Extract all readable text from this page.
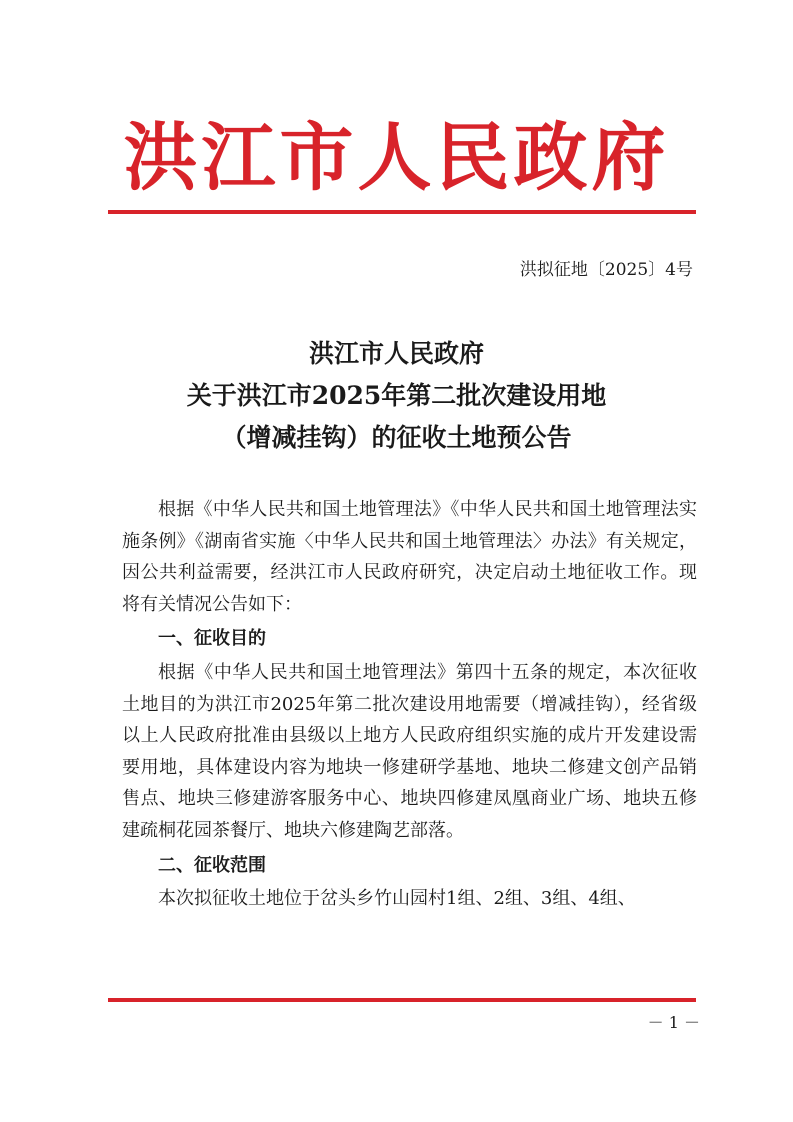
洪江市人民政府
洪拟征地〔2025〕4号
洪江市人民政府
关于洪江市2025年第二批次建设用地
（增减挂钩）的征收土地预公告

根据《中华人民共和国土地管理法》《中华人民共和国土地管理法实施条例》《湖南省实施〈中华人民共和国土地管理法〉办法》有关规定，因公共利益需要，经洪江市人民政府研究，决定启动土地征收工作。现将有关情况公告如下：

一、征收目的

根据《中华人民共和国土地管理法》第四十五条的规定，本次征收土地目的为洪江市2025年第二批次建设用地需要（增减挂钩），经省级以上人民政府批准由县级以上地方人民政府组织实施的成片开发建设需要用地，具体建设内容为地块一修建研学基地、地块二修建文创产品销售点、地块三修建游客服务中心、地块四修建凤凰商业广场、地块五修建疏桐花园茶餐厅、地块六修建陶艺部落。

二、征收范围

本次拟征收土地位于岔头乡竹山园村1组、2组、3组、4组、

－ 1 －
